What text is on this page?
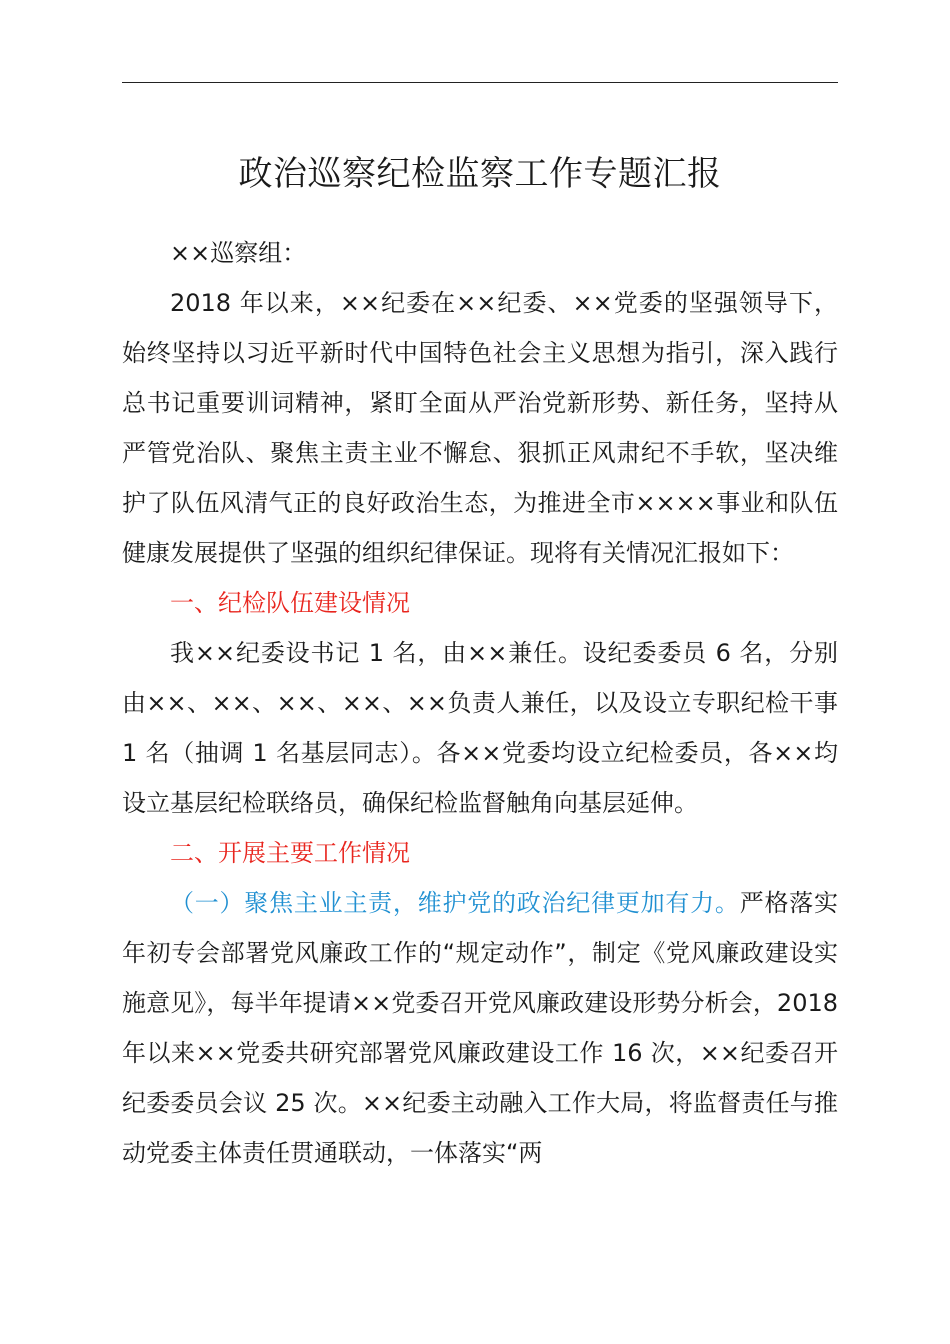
政治巡察纪检监察工作专题汇报

××巡察组：

2018 年以来，××纪委在××纪委、××党委的坚强领导下，始终坚持以习近平新时代中国特色社会主义思想为指引，深入践行总书记重要训词精神，紧盯全面从严治党新形势、新任务，坚持从严管党治队、聚焦主责主业不懈怠、狠抓正风肃纪不手软，坚决维护了队伍风清气正的良好政治生态，为推进全市××××事业和队伍健康发展提供了坚强的组织纪律保证。现将有关情况汇报如下：

一、纪检队伍建设情况

我××纪委设书记 1 名，由××兼任。设纪委委员 6 名，分别由××、××、××、××、××负责人兼任，以及设立专职纪检干事 1 名（抽调 1 名基层同志）。各××党委均设立纪检委员，各××均设立基层纪检联络员，确保纪检监督触角向基层延伸。

二、开展主要工作情况

（一）聚焦主业主责，维护党的政治纪律更加有力。严格落实年初专会部署党风廉政工作的“规定动作”，制定《党风廉政建设实施意见》，每半年提请××党委召开党风廉政建设形势分析会，2018 年以来××党委共研究部署党风廉政建设工作 16 次，××纪委召开纪委委员会议 25 次。××纪委主动融入工作大局，将监督责任与推动党委主体责任贯通联动，一体落实“两
